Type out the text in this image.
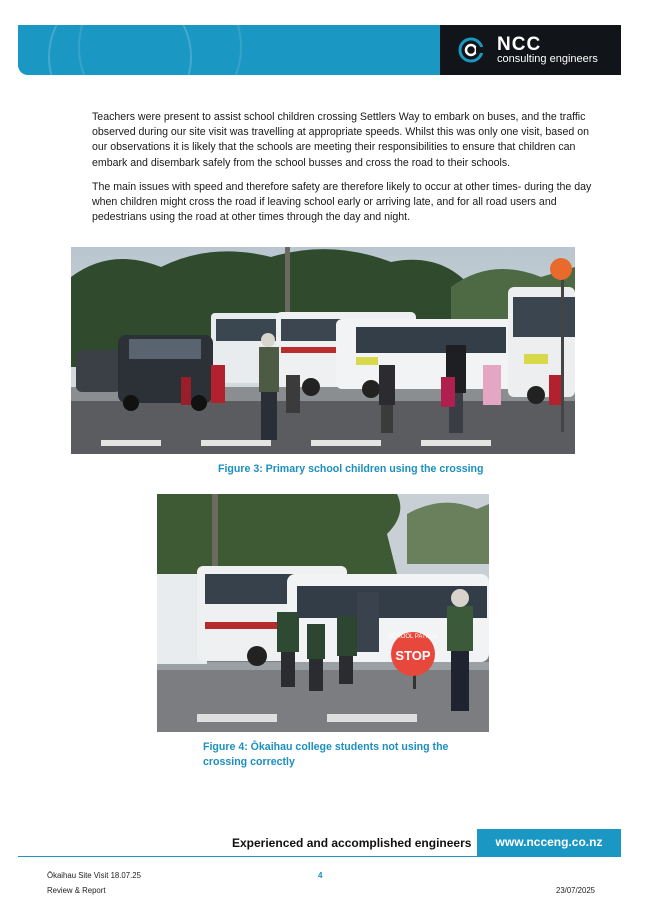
NCC
consulting engineers

Teachers were present to assist school children crossing Settlers Way to embark on buses, and the traffic observed during our site visit was travelling at appropriate speeds. Whilst this was only one visit, based on our observations it is likely that the schools are meeting their responsibilities to ensure that children can embark and disembark safely from the school busses and cross the road to their schools.

The main issues with speed and therefore safety are therefore likely to occur at other times- during the day when children might cross the road if leaving school early or arriving late, and for all road users and pedestrians using the road at other times through the day and night.

Figure 3: Primary school children using the crossing
SCHOOL PATROL
STOP
Figure 4: Ōkaihau college students not using the
crossing correctly
Experienced and accomplished engineers	www.ncceng.co.nz
Ōkaihau Site Visit 18.07.25
Review & Report
4
23/07/2025
